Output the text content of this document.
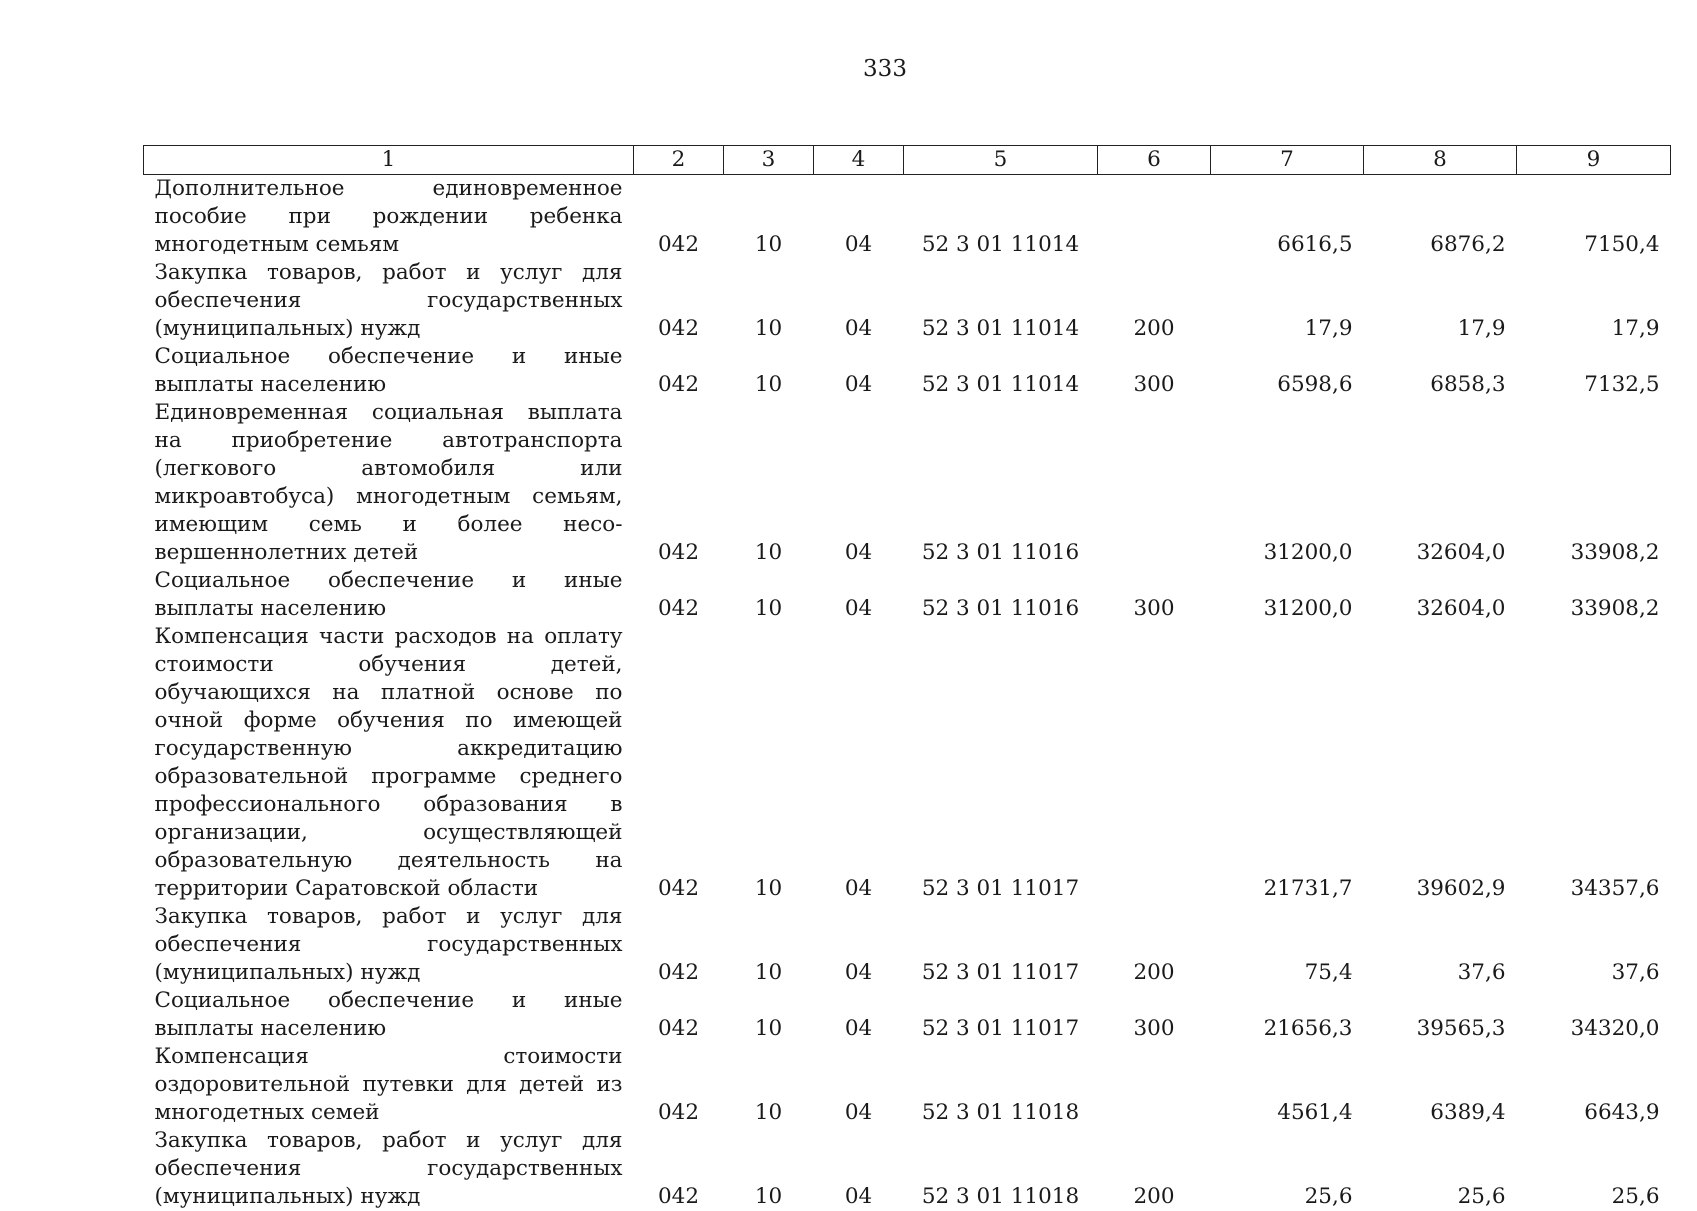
333
1	2	3	4	5	6	7	8	9
Дополнительное единовременное пособие при рождении ребенка многодетным семьям	042	10	04	52 3 01 11014		6616,5	6876,2	7150,4
Закупка товаров, работ и услуг для обеспечения государственных (муниципальных) нужд	042	10	04	52 3 01 11014	200	17,9	17,9	17,9
Социальное обеспечение и иные выплаты населению	042	10	04	52 3 01 11014	300	6598,6	6858,3	7132,5
Единовременная социальная выплата на приобретение автотранспорта (легкового автомобиля или микроавтобуса) многодетным семьям, имеющим семь и более несовершеннолетних детей	042	10	04	52 3 01 11016		31200,0	32604,0	33908,2
Социальное обеспечение и иные выплаты населению	042	10	04	52 3 01 11016	300	31200,0	32604,0	33908,2
Компенсация части расходов на оплату стоимости обучения детей, обучающихся на платной основе по очной форме обучения по имеющей государственную аккредитацию образовательной программе среднего профессионального образования в организации, осуществляющей образовательную деятельность на территории Саратовской области	042	10	04	52 3 01 11017		21731,7	39602,9	34357,6
Закупка товаров, работ и услуг для обеспечения государственных (муниципальных) нужд	042	10	04	52 3 01 11017	200	75,4	37,6	37,6
Социальное обеспечение и иные выплаты населению	042	10	04	52 3 01 11017	300	21656,3	39565,3	34320,0
Компенсация стоимости оздоровительной путевки для детей из многодетных семей	042	10	04	52 3 01 11018		4561,4	6389,4	6643,9
Закупка товаров, работ и услуг для обеспечения государственных (муниципальных) нужд	042	10	04	52 3 01 11018	200	25,6	25,6	25,6
